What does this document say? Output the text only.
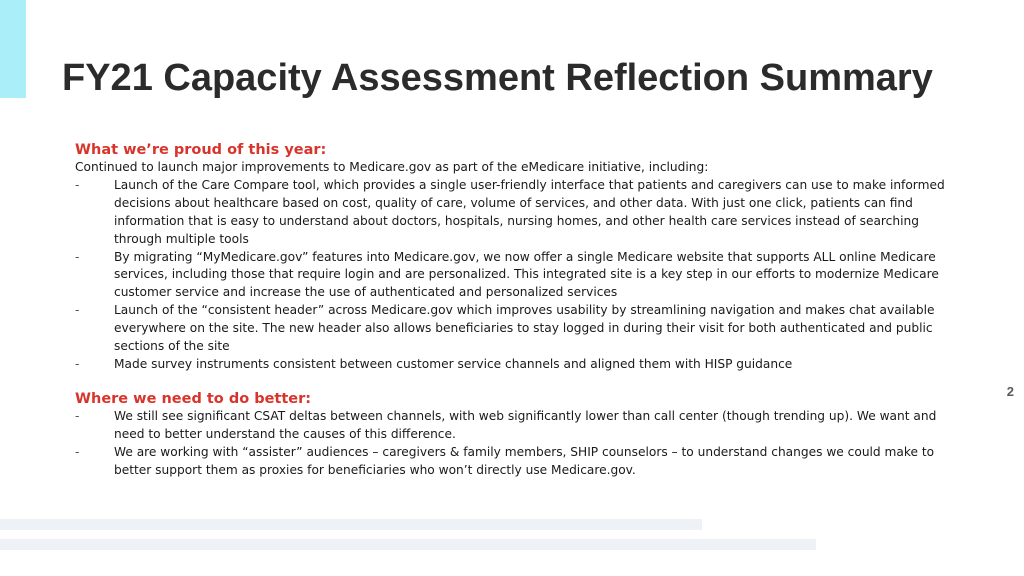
FY21 Capacity Assessment Reflection Summary

What we’re proud of this year:

Continued to launch major improvements to Medicare.gov as part of the eMedicare initiative, including:

-	Launch of the Care Compare tool, which provides a single user-friendly interface that patients and caregivers can use to make informed decisions about healthcare based on cost, quality of care, volume of services, and other data. With just one click, patients can find information that is easy to understand about doctors, hospitals, nursing homes, and other health care services instead of searching through multiple tools
-	By migrating “MyMedicare.gov” features into Medicare.gov, we now offer a single Medicare website that supports ALL online Medicare services, including those that require login and are personalized. This integrated site is a key step in our efforts to modernize Medicare customer service and increase the use of authenticated and personalized services
-	Launch of the “consistent header” across Medicare.gov which improves usability by streamlining navigation and makes chat available everywhere on the site. The new header also allows beneficiaries to stay logged in during their visit for both authenticated and public sections of the site
-	Made survey instruments consistent between customer service channels and aligned them with HISP guidance

Where we need to do better:

-	We still see significant CSAT deltas between channels, with web significantly lower than call center (though trending up). We want and need to better understand the causes of this difference.
-	We are working with “assister” audiences – caregivers & family members, SHIP counselors – to understand changes we could make to better support them as proxies for beneficiaries who won’t directly use Medicare.gov.
2
